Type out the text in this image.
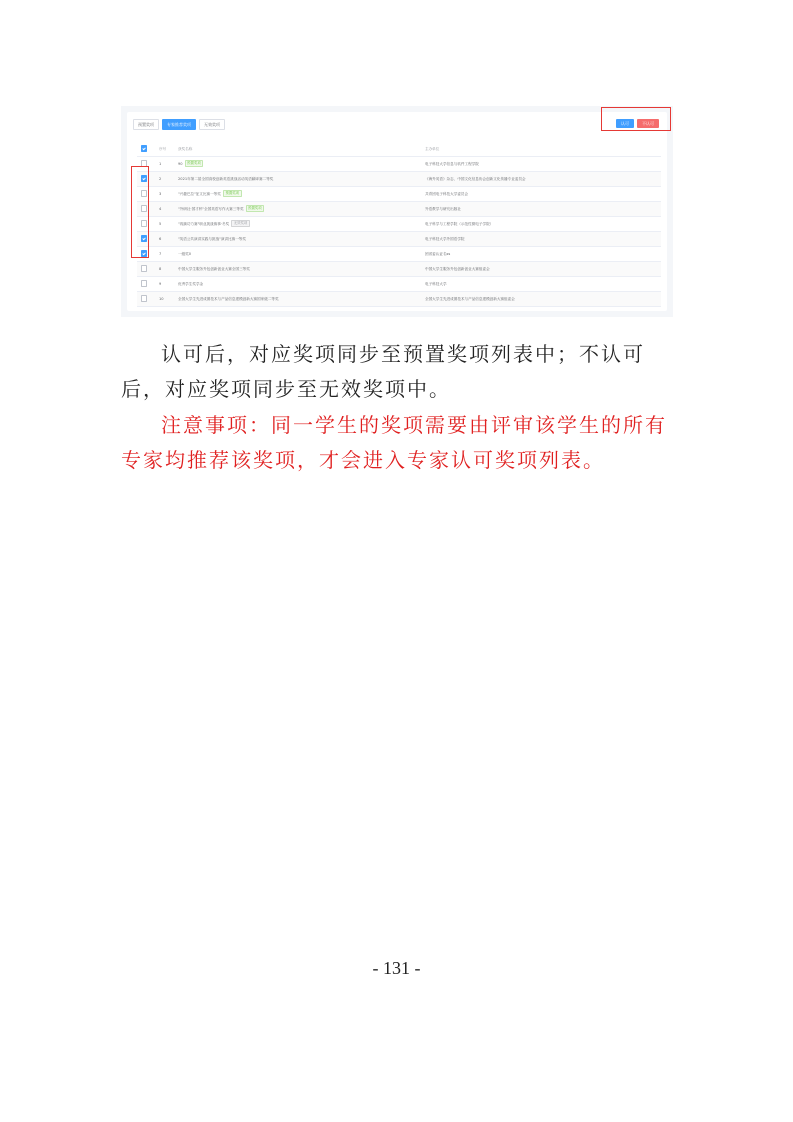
预置奖项	专家推荐奖项	无效奖项	认可	不认可
序号	获奖名称	主办单位
1	90 预置奖项	电子科技大学信息与软件工程学院
2	2021年第二届全国高校创新英语挑战活动英语翻译赛二等奖	《海外英语》杂志、中国文化信息协会创新文化传播专业委员会
3	"兴趣巴拉"征文比赛一等奖 预置奖项	共青团电子科技大学委员会
4	"外研社·国才杯"全国英语写作大赛三等奖 预置奖项	外语教学与研究出版社
5	"再摘功力赛"职业挑战赛事·冬奖 无效奖项	电子科学与工程学院（示范性微电子学院）
6	"英语公共演讲实践与挑战"演讲比赛一等奖	电子科技大学外国语学院
7	一级奖0	团省委认证名ss
8	中国大学生服务外包创新创业大赛全国三等奖	中国大学生服务外包创新创业大赛组委会
9	优秀学生奖学金	电子科技大学
10	全国大学生先进成图技术与产品信息建模创新大赛国家级二等奖	全国大学生先进成图技术与产品信息建模创新大赛组委会

认可后，对应奖项同步至预置奖项列表中；不认可后，对应奖项同步至无效奖项中。

注意事项：同一学生的奖项需要由评审该学生的所有专家均推荐该奖项，才会进入专家认可奖项列表。

- 131 -
